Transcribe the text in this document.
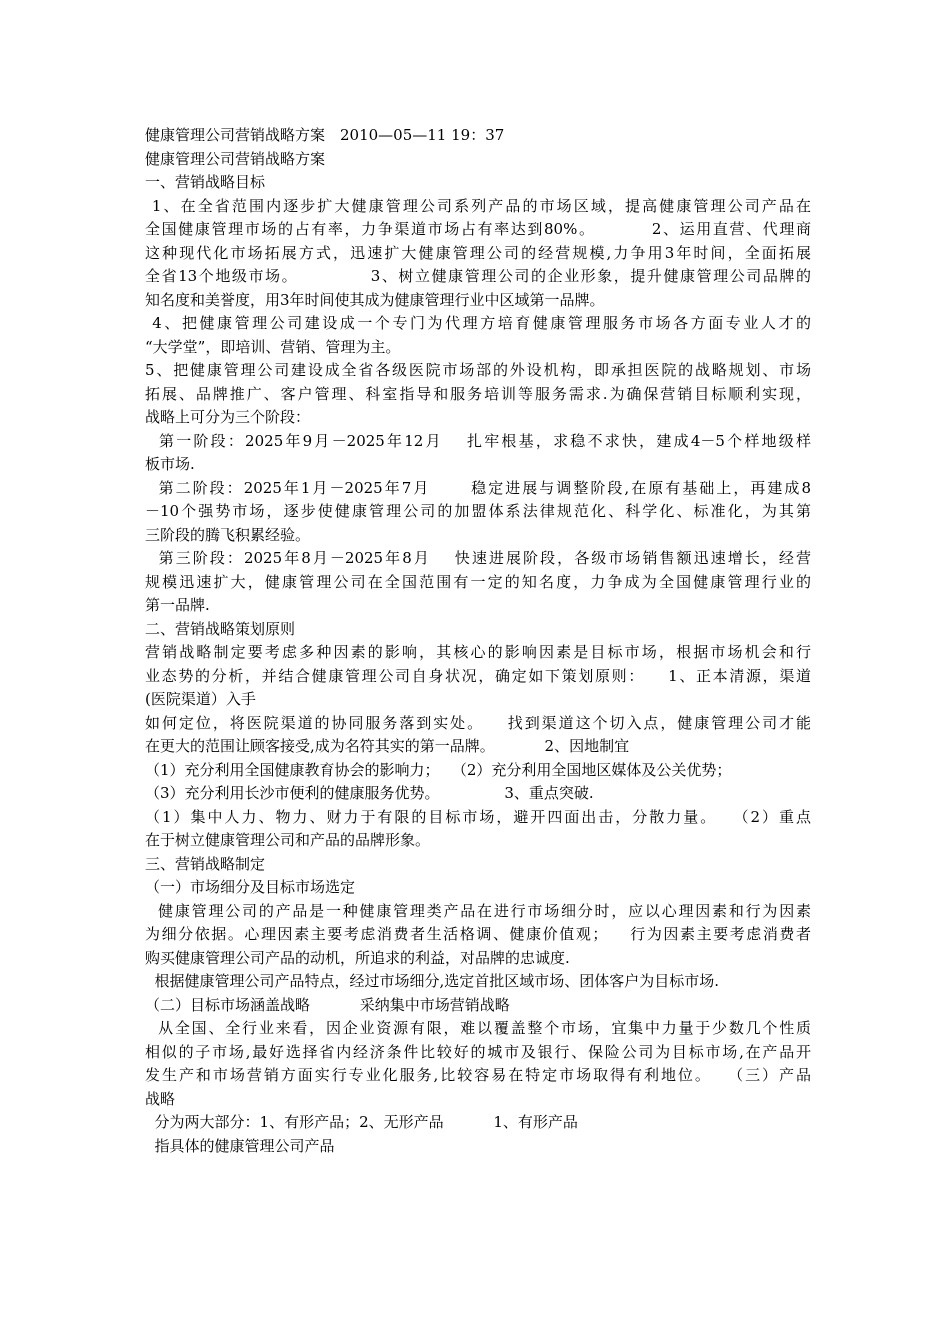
健康管理公司营销战略方案　2010—05—11 19：37
健康管理公司营销战略方案
一、营销战略目标
1、在全省范围内逐步扩大健康管理公司系列产品的市场区域，提高健康管理公司产品在
全国健康管理市场的占有率，力争渠道市场占有率达到80%。 　　　2、运用直营、代理商
这种现代化市场拓展方式，迅速扩大健康管理公司的经营规模,力争用3年时间，全面拓展
全省13个地级市场。 　　　　3、树立健康管理公司的企业形象，提升健康管理公司品牌的
知名度和美誉度，用3年时间使其成为健康管理行业中区域第一品牌。
4、把健康管理公司建设成一个专门为代理方培育健康管理服务市场各方面专业人才的
“大学堂”，即培训、营销、管理为主。
5、把健康管理公司建设成全省各级医院市场部的外设机构，即承担医院的战略规划、市场
拓展、品牌推广、客户管理、科室指导和服务培训等服务需求.为确保营销目标顺利实现，
战略上可分为三个阶段：
第一阶段：2025年9月－2025年12月 　扎牢根基，求稳不求快，建成4－5个样地级样
板市场.
第二阶段：2025年1月－2025年7月 　　稳定进展与调整阶段,在原有基础上，再建成8
－10个强势市场，逐步使健康管理公司的加盟体系法律规范化、科学化、标准化，为其第
三阶段的腾飞积累经验。
第三阶段：2025年8月－2025年8月 　快速进展阶段，各级市场销售额迅速增长，经营
规模迅速扩大，健康管理公司在全国范围有一定的知名度，力争成为全国健康管理行业的
第一品牌.
二、营销战略策划原则
营销战略制定要考虑多种因素的影响，其核心的影响因素是目标市场，根据市场机会和行
业态势的分析，并结合健康管理公司自身状况，确定如下策划原则： 　1、正本清源，渠道
(医院渠道）入手
如何定位，将医院渠道的协同服务落到实处。 　找到渠道这个切入点，健康管理公司才能
在更大的范围让顾客接受,成为名符其实的第一品牌。 　　　2、因地制宜
（1）充分利用全国健康教育协会的影响力； 　（2）充分利用全国地区媒体及公关优势；
（3）充分利用长沙市便利的健康服务优势。 　　　　3、重点突破.
（1）集中人力、物力、财力于有限的目标市场，避开四面出击，分散力量。 　（2）重点
在于树立健康管理公司和产品的品牌形象。
三、营销战略制定
（一）市场细分及目标市场选定
健康管理公司的产品是一种健康管理类产品在进行市场细分时，应以心理因素和行为因素
为细分依据。心理因素主要考虑消费者生活格调、健康价值观； 　行为因素主要考虑消费者
购买健康管理公司产品的动机，所追求的利益，对品牌的忠诚度.
根据健康管理公司产品特点，经过市场细分,选定首批区域市场、团体客户为目标市场.
（二）目标市场涵盖战略 　　　采纳集中市场营销战略
从全国、全行业来看，因企业资源有限，难以覆盖整个市场，宜集中力量于少数几个性质
相似的子市场,最好选择省内经济条件比较好的城市及银行、保险公司为目标市场,在产品开
发生产和市场营销方面实行专业化服务,比较容易在特定市场取得有利地位。 　（三）产品
战略
分为两大部分：1、有形产品；2、无形产品 　　　1、有形产品
指具体的健康管理公司产品
